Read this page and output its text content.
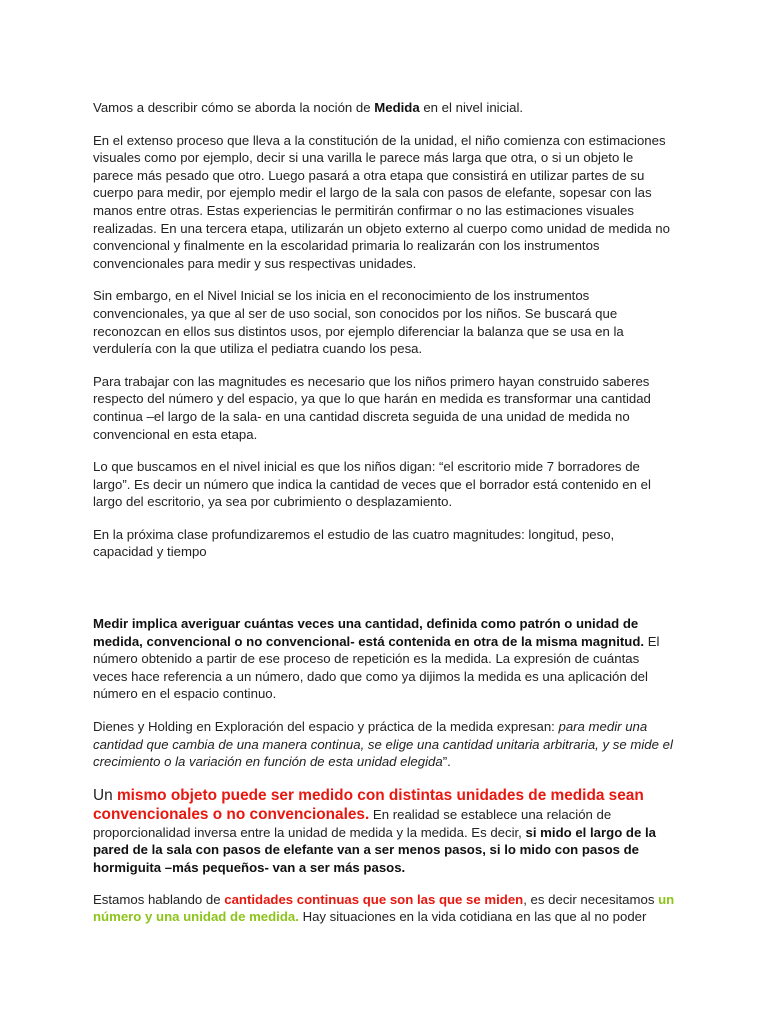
Vamos a describir cómo se aborda la noción de Medida en el nivel inicial.

En el extenso proceso que lleva a la constitución de la unidad, el niño comienza con estimaciones visuales como por ejemplo, decir si una varilla le parece más larga que otra, o si un objeto le parece más pesado que otro. Luego pasará a otra etapa que consistirá en utilizar partes de su cuerpo para medir, por ejemplo medir el largo de la sala con pasos de elefante, sopesar con las manos entre otras. Estas experiencias le permitirán confirmar o no las estimaciones visuales realizadas. En una tercera etapa, utilizarán un objeto externo al cuerpo como unidad de medida no convencional y finalmente en la escolaridad primaria lo realizarán con los instrumentos convencionales para medir y sus respectivas unidades.

Sin embargo, en el Nivel Inicial se los inicia en el reconocimiento de los instrumentos convencionales, ya que al ser de uso social, son conocidos por los niños. Se buscará que reconozcan en ellos sus distintos usos, por ejemplo diferenciar la balanza que se usa en la verdulería con la que utiliza el pediatra cuando los pesa.

Para trabajar con las magnitudes es necesario que los niños primero hayan construido saberes respecto del número y del espacio, ya que lo que harán en medida es transformar una cantidad continua –el largo de la sala- en una cantidad discreta seguida de una unidad de medida no convencional en esta etapa.

Lo que buscamos en el nivel inicial es que los niños digan: “el escritorio mide 7 borradores de largo”. Es decir un número que indica la cantidad de veces que el borrador está contenido en el largo del escritorio, ya sea por cubrimiento o desplazamiento.

En la próxima clase profundizaremos el estudio de las cuatro magnitudes: longitud, peso, capacidad y tiempo

Medir implica averiguar cuántas veces una cantidad, definida como patrón o unidad de medida, convencional o no convencional- está contenida en otra de la misma magnitud. El número obtenido a partir de ese proceso de repetición es la medida. La expresión de cuántas veces hace referencia a un número, dado que como ya dijimos la medida es una aplicación del número en el espacio continuo.

Dienes y Holding en Exploración del espacio y práctica de la medida expresan: para medir una cantidad que cambia de una manera continua, se elige una cantidad unitaria arbitraria, y se mide el crecimiento o la variación en función de esta unidad elegida”.

Un mismo objeto puede ser medido con distintas unidades de medida sean convencionales o no convencionales. En realidad se establece una relación de proporcionalidad inversa entre la unidad de medida y la medida. Es decir, si mido el largo de la pared de la sala con pasos de elefante van a ser menos pasos, si lo mido con pasos de hormiguita –más pequeños- van a ser más pasos.

Estamos hablando de cantidades continuas que son las que se miden, es decir necesitamos un número y una unidad de medida. Hay situaciones en la vida cotidiana en las que al no poder
